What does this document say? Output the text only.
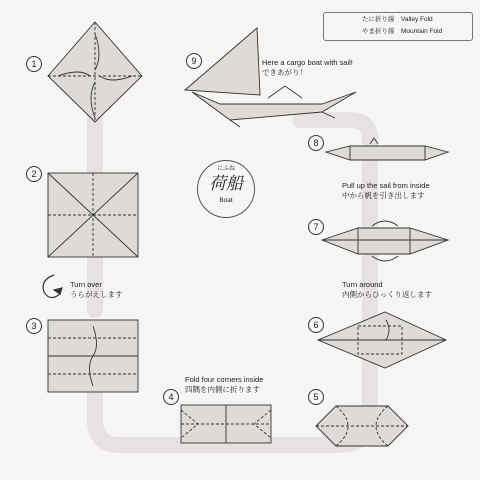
たに折り線　Valley Fold
やま折り線　Mountain Fold
にふね
荷船
Boat
1
2
3
4	5
6
7
8
9	Here a cargo boat with sail!
できあがり！
Pull up the sail from inside
中から帆を引き出します
Turn around
内側からひっくり返します
Fold four corners inside
四隅を内側に折ります
Turn over
うらがえします
